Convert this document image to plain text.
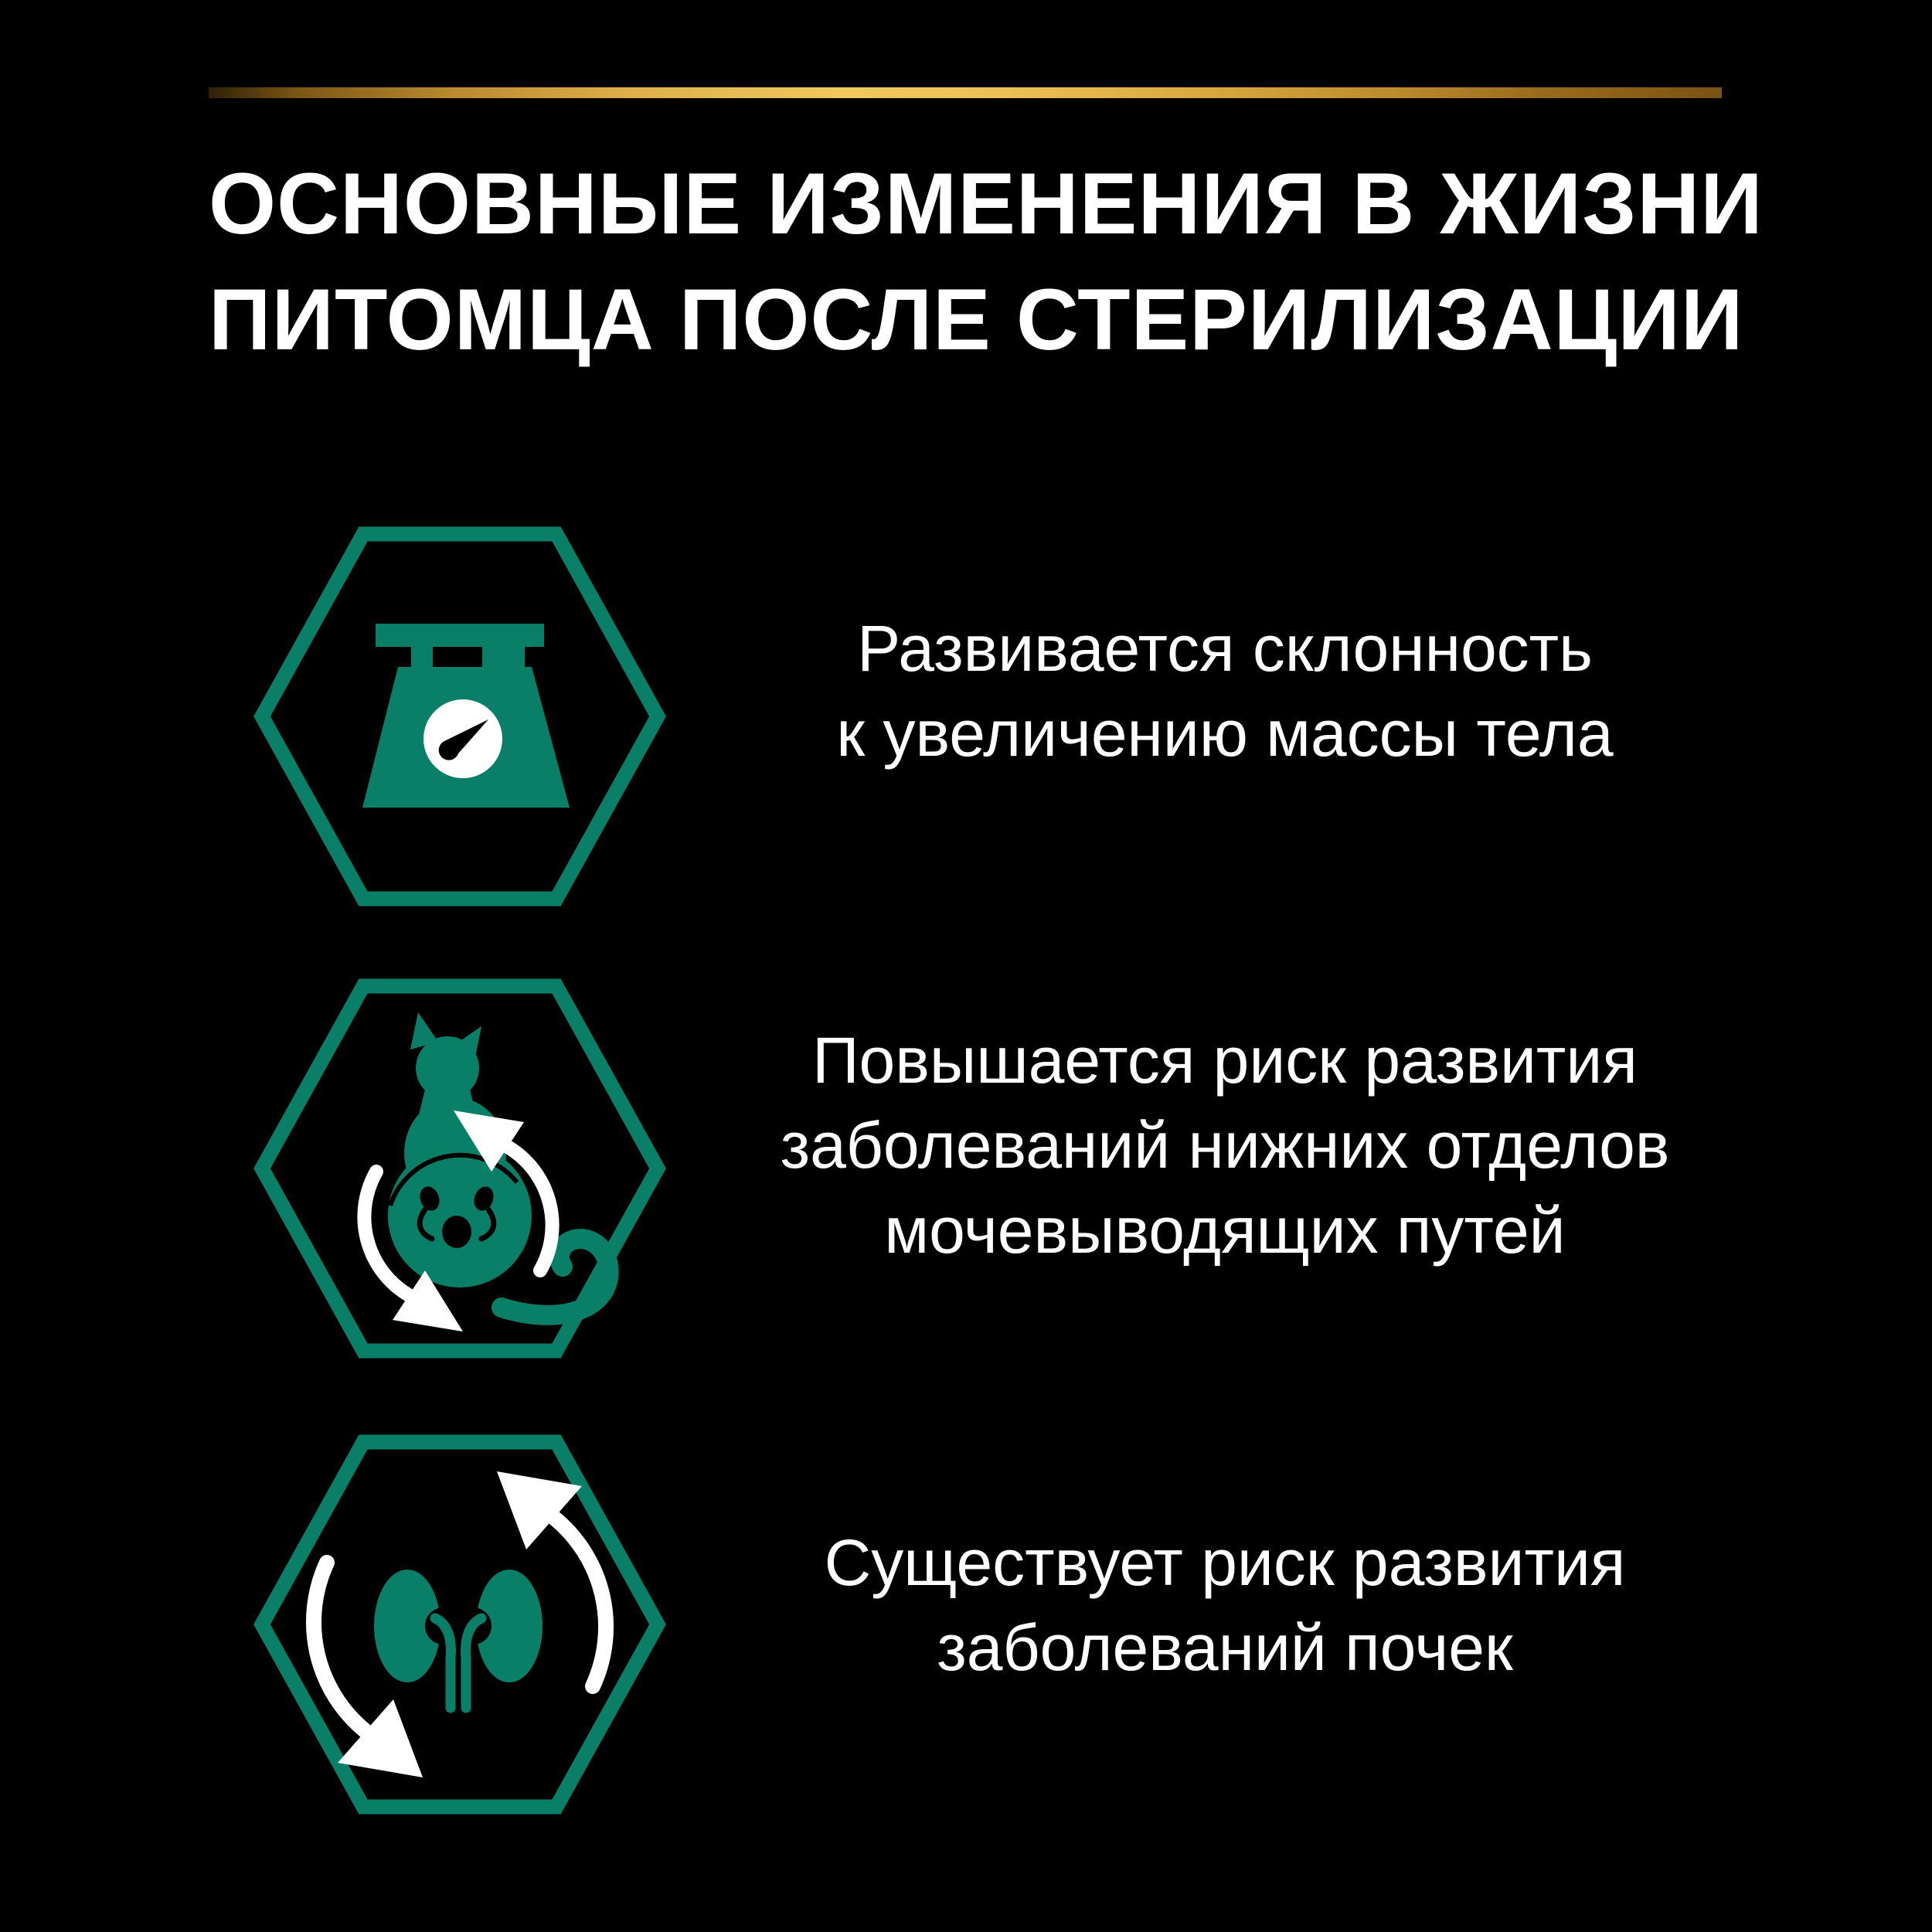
ОСНОВНЫЕ ИЗМЕНЕНИЯ В ЖИЗНИ
ПИТОМЦА ПОСЛЕ СТЕРИЛИЗАЦИИ
Развивается склонность
к увеличению массы тела
Повышается риск развития
заболеваний нижних отделов
мочевыводящих путей
Существует риск развития
заболеваний почек
